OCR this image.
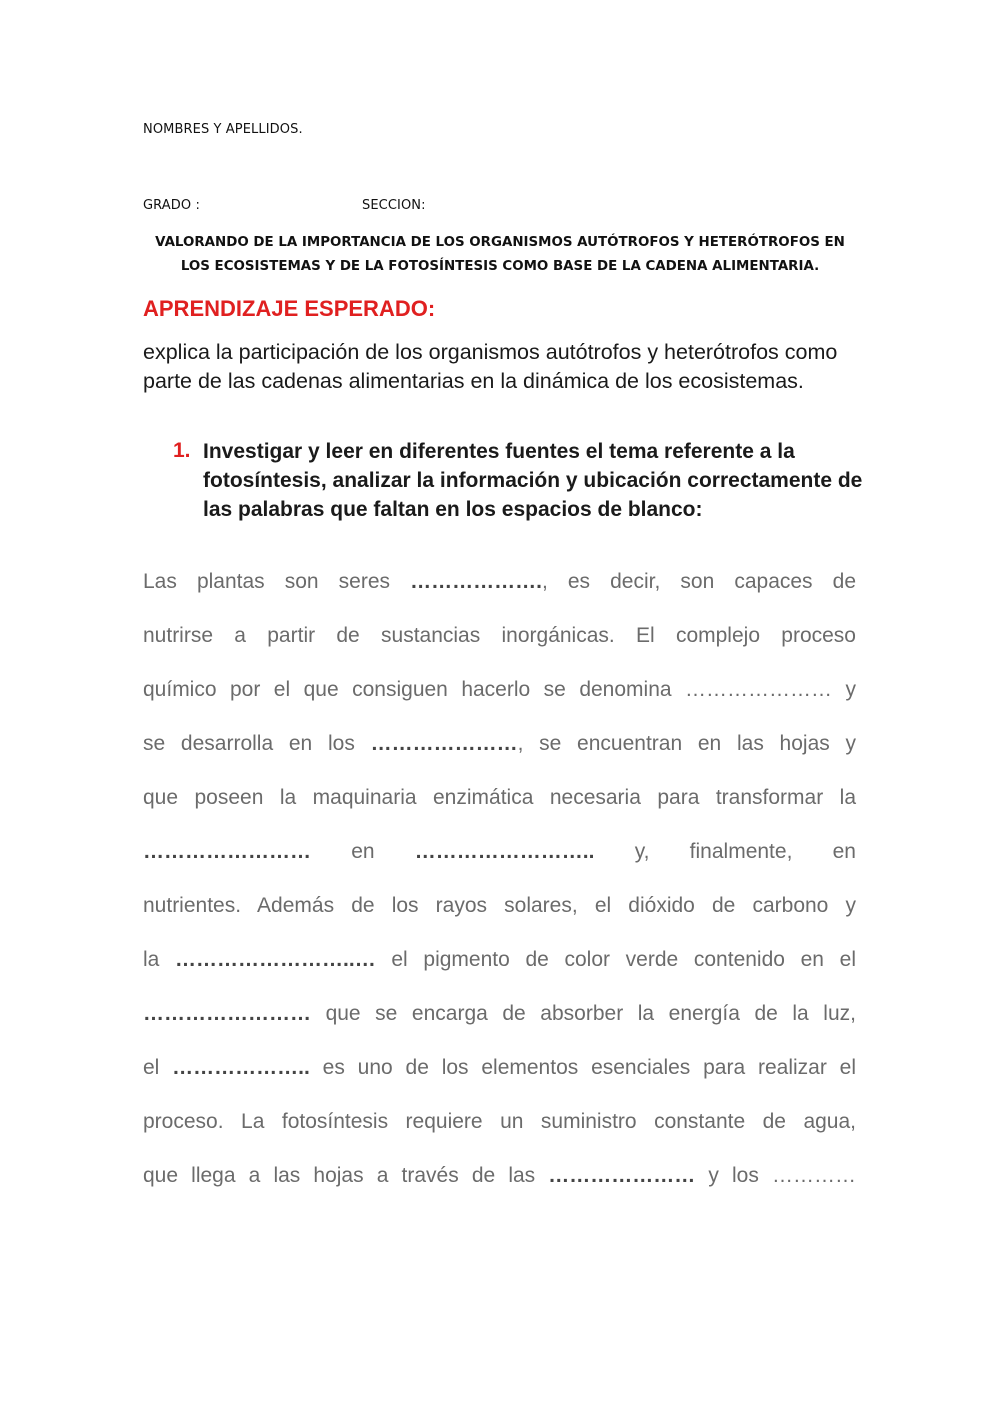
NOMBRES Y APELLIDOS.
GRADO :	SECCION:
VALORANDO DE LA IMPORTANCIA DE LOS ORGANISMOS AUTÓTROFOS Y HETERÓTROFOS EN
LOS ECOSISTEMAS Y DE LA FOTOSÍNTESIS COMO BASE DE LA CADENA ALIMENTARIA.
APRENDIZAJE ESPERADO:
explica la participación de los organismos autótrofos y heterótrofos como parte de las cadenas alimentarias en la dinámica de los ecosistemas.
1. Investigar y leer en diferentes fuentes el tema referente a la fotosíntesis, analizar la información y ubicación correctamente de las palabras que faltan en los espacios de blanco:
Las plantas son seres ………………., es decir, son capaces de
nutrirse a partir de sustancias inorgánicas. El complejo proceso
químico por el que consiguen hacerlo se denomina ………………… y
se desarrolla en los …………………, se encuentran en las hojas y
que poseen la maquinaria enzimática necesaria para transformar la
…………………… en …………………….. y, finalmente, en
nutrientes. Además de los rayos solares, el dióxido de carbono y
la ……………………..… el pigmento de color verde contenido en el
…………………… que se encarga de absorber la energía de la luz,
el ……………….. es uno de los elementos esenciales para realizar el
proceso. La fotosíntesis requiere un suministro constante de agua,
que llega a las hojas a través de las ………………… y los …………
